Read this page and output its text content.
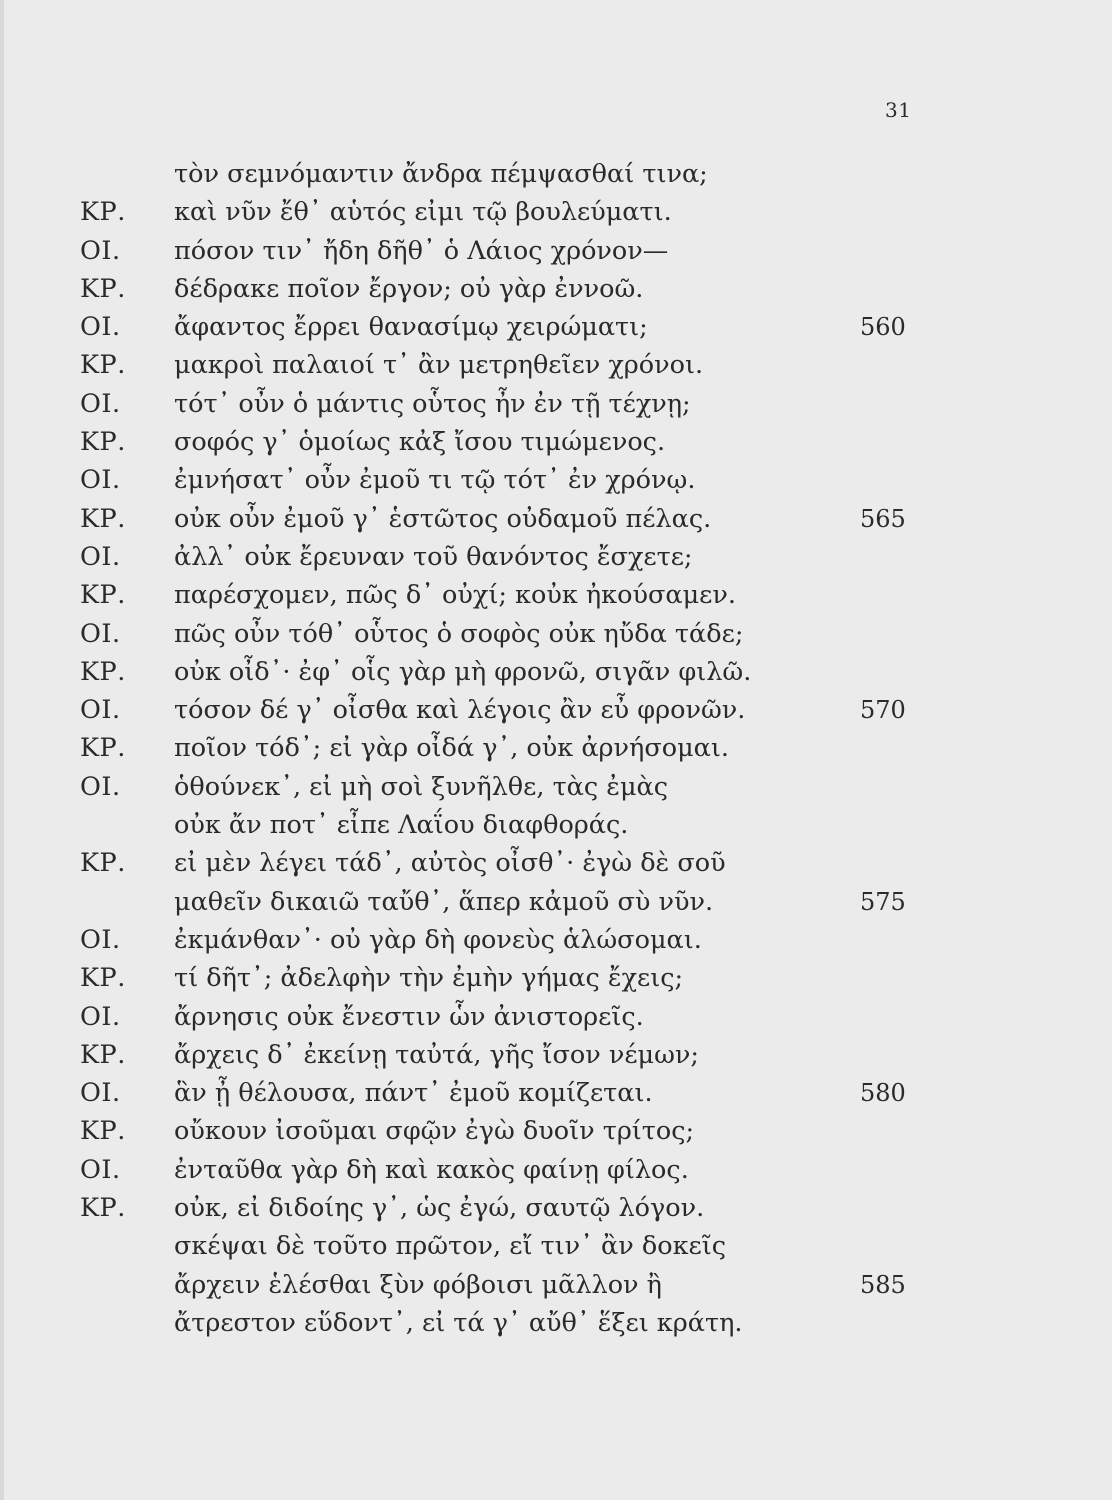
31
τὸν σεμνόμαντιν ἄνδρα πέμψασθαί τινα;
ΚΡ. καὶ νῦν ἔθ᾽ αὑτός εἰμι τῷ βουλεύματι.
ΟΙ. πόσον τιν᾽ ἤδη δῆθ᾽ ὁ Λάιος χρόνον—
ΚΡ. δέδρακε ποῖον ἔργον; οὐ γὰρ ἐννοῶ.
ΟΙ. ἄφαντος ἔρρει θανασίμῳ χειρώματι;	560
ΚΡ. μακροὶ παλαιοί τ᾽ ἂν μετρηθεῖεν χρόνοι.
ΟΙ. τότ᾽ οὖν ὁ μάντις οὗτος ἦν ἐν τῇ τέχνῃ;
ΚΡ. σοφός γ᾽ ὁμοίως κἀξ ἴσου τιμώμενος.
ΟΙ. ἐμνήσατ᾽ οὖν ἐμοῦ τι τῷ τότ᾽ ἐν χρόνῳ.
ΚΡ. οὐκ οὖν ἐμοῦ γ᾽ ἑστῶτος οὐδαμοῦ πέλας.	565
ΟΙ. ἀλλ᾽ οὐκ ἔρευναν τοῦ θανόντος ἔσχετε;
ΚΡ. παρέσχομεν, πῶς δ᾽ οὐχί; κοὐκ ἠκούσαμεν.
ΟΙ. πῶς οὖν τόθ᾽ οὗτος ὁ σοφὸς οὐκ ηὔδα τάδε;
ΚΡ. οὐκ οἶδ᾽· ἐφ᾽ οἷς γὰρ μὴ φρονῶ, σιγᾶν φιλῶ.
ΟΙ. τόσον δέ γ᾽ οἶσθα καὶ λέγοις ἂν εὖ φρονῶν.	570
ΚΡ. ποῖον τόδ᾽; εἰ γὰρ οἶδά γ᾽, οὐκ ἀρνήσομαι.
ΟΙ. ὁθούνεκ᾽, εἰ μὴ σοὶ ξυνῆλθε, τὰς ἐμὰς
οὐκ ἄν ποτ᾽ εἶπε Λαΐου διαφθοράς.
ΚΡ. εἰ μὲν λέγει τάδ᾽, αὐτὸς οἶσθ᾽· ἐγὼ δὲ σοῦ
μαθεῖν δικαιῶ ταὔθ᾽, ἅπερ κἀμοῦ σὺ νῦν.	575
ΟΙ. ἐκμάνθαν᾽· οὐ γὰρ δὴ φονεὺς ἁλώσομαι.
ΚΡ. τί δῆτ᾽; ἀδελφὴν τὴν ἐμὴν γήμας ἔχεις;
ΟΙ. ἄρνησις οὐκ ἔνεστιν ὧν ἀνιστορεῖς.
ΚΡ. ἄρχεις δ᾽ ἐκείνῃ ταὐτά, γῆς ἴσον νέμων;
ΟΙ. ἃν ᾖ θέλουσα, πάντ᾽ ἐμοῦ κομίζεται.	580
ΚΡ. οὔκουν ἰσοῦμαι σφῷν ἐγὼ δυοῖν τρίτος;
ΟΙ. ἐνταῦθα γὰρ δὴ καὶ κακὸς φαίνῃ φίλος.
ΚΡ. οὐκ, εἰ διδοίης γ᾽, ὡς ἐγώ, σαυτῷ λόγον.
σκέψαι δὲ τοῦτο πρῶτον, εἴ τιν᾽ ἂν δοκεῖς
ἄρχειν ἑλέσθαι ξὺν φόβοισι μᾶλλον ἢ	585
ἄτρεστον εὕδοντ᾽, εἰ τά γ᾽ αὔθ᾽ ἕξει κράτη.
